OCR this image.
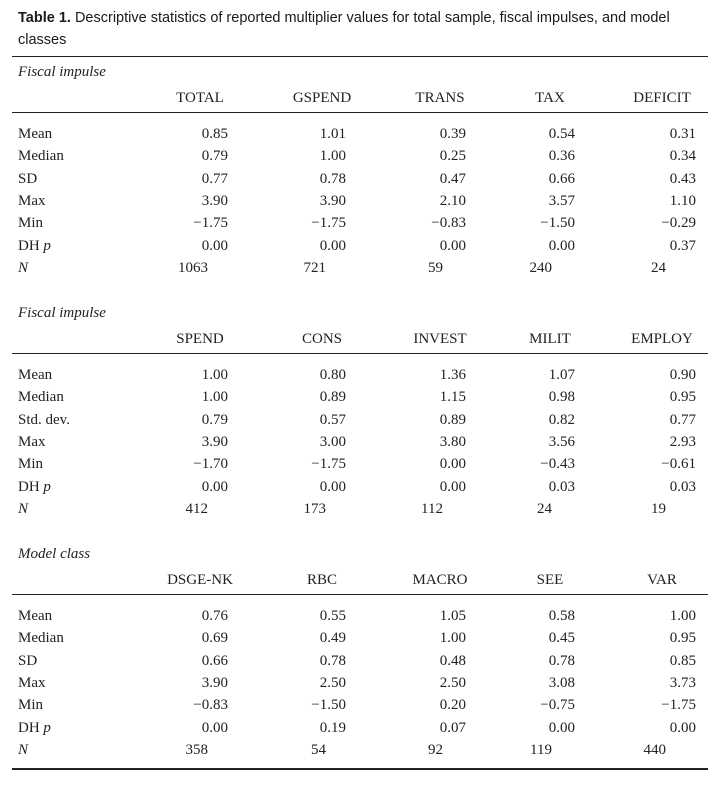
Table 1. Descriptive statistics of reported multiplier values for total sample, fiscal impulses, and model classes
Fiscal impulse
TOTAL	GSPEND	TRANS	TAX	DEFICIT
Mean	0.85	1.01	0.39	0.54	0.31
Median	0.79	1.00	0.25	0.36	0.34
SD	0.77	0.78	0.47	0.66	0.43
Max	3.90	3.90	2.10	3.57	1.10
Min	−1.75	−1.75	−0.83	−1.50	−0.29
DH p	0.00	0.00	0.00	0.00	0.37
N	1063	721	59	240	24
Fiscal impulse
SPEND	CONS	INVEST	MILIT	EMPLOY
Mean	1.00	0.80	1.36	1.07	0.90
Median	1.00	0.89	1.15	0.98	0.95
Std. dev.	0.79	0.57	0.89	0.82	0.77
Max	3.90	3.00	3.80	3.56	2.93
Min	−1.70	−1.75	0.00	−0.43	−0.61
DH p	0.00	0.00	0.00	0.03	0.03
N	412	173	112	24	19
Model class
DSGE-NK	RBC	MACRO	SEE	VAR
Mean	0.76	0.55	1.05	0.58	1.00
Median	0.69	0.49	1.00	0.45	0.95
SD	0.66	0.78	0.48	0.78	0.85
Max	3.90	2.50	2.50	3.08	3.73
Min	−0.83	−1.50	0.20	−0.75	−1.75
DH p	0.00	0.19	0.07	0.00	0.00
N	358	54	92	119	440
